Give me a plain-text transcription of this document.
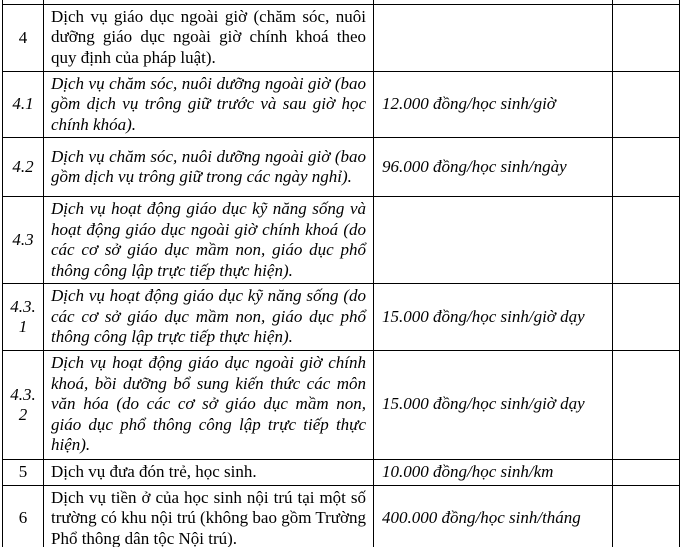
4	Dịch vụ giáo dục ngoài giờ (chăm sóc, nuôi dưỡng giáo dục ngoài giờ chính khoá theo quy định của pháp luật).		
4.1	Dịch vụ chăm sóc, nuôi dưỡng ngoài giờ (bao gồm dịch vụ trông giữ trước và sau giờ học chính khóa).	12.000 đồng/học sinh/giờ	
4.2	Dịch vụ chăm sóc, nuôi dưỡng ngoài giờ (bao gồm dịch vụ trông giữ trong các ngày nghỉ).	96.000 đồng/học sinh/ngày	
4.3	Dịch vụ hoạt động giáo dục kỹ năng sống và hoạt động giáo dục ngoài giờ chính khoá (do các cơ sở giáo dục mầm non, giáo dục phổ thông công lập trực tiếp thực hiện).		
4.3.1	Dịch vụ hoạt động giáo dục kỹ năng sống (do các cơ sở giáo dục mầm non, giáo dục phổ thông công lập trực tiếp thực hiện).	15.000 đồng/học sinh/giờ dạy	
4.3.2	Dịch vụ hoạt động giáo dục ngoài giờ chính khoá, bồi dưỡng bổ sung kiến thức các môn văn hóa (do các cơ sở giáo dục mầm non, giáo dục phổ thông công lập trực tiếp thực hiện).	15.000 đồng/học sinh/giờ dạy	
5	Dịch vụ đưa đón trẻ, học sinh.	10.000 đồng/học sinh/km	
6	Dịch vụ tiền ở của học sinh nội trú tại một số trường có khu nội trú (không bao gồm Trường Phổ thông dân tộc Nội trú).	400.000 đồng/học sinh/tháng	
